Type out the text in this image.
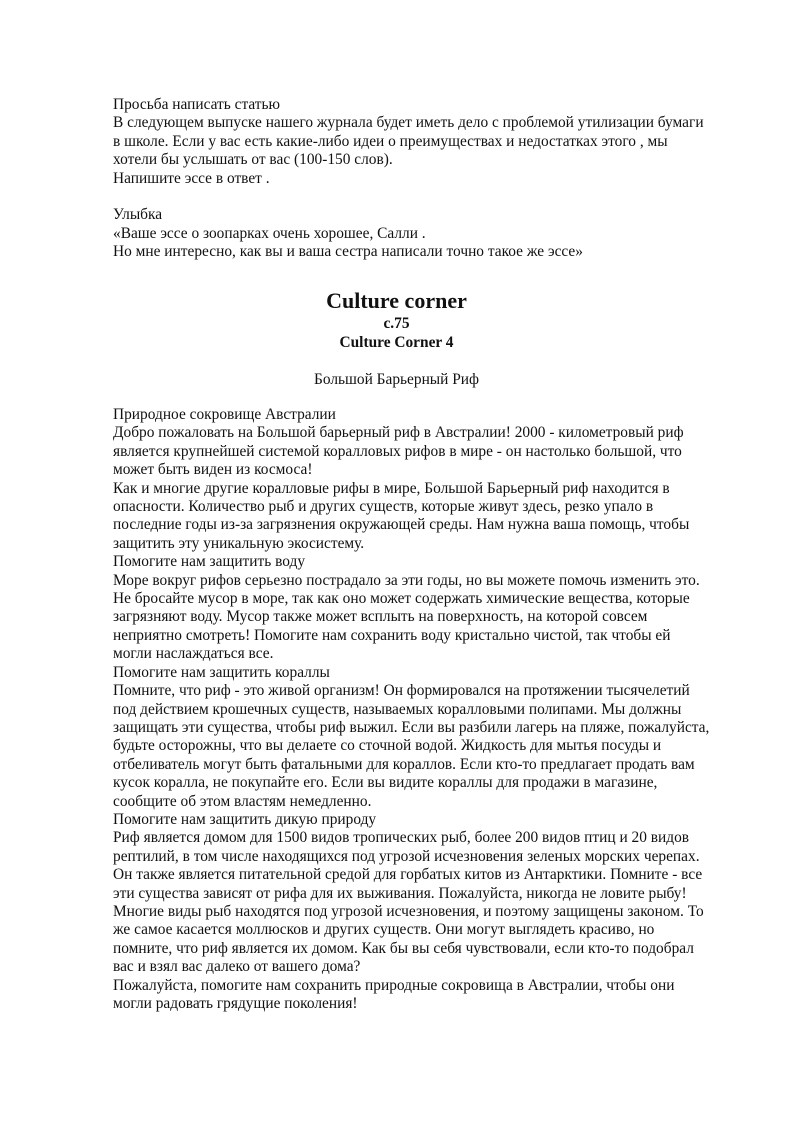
Просьба написать статью

В следующем выпуске нашего журнала будет иметь дело с проблемой утилизации бумаги

в школе. Если у вас есть какие-либо идеи о преимуществах и недостатках этого , мы

хотели бы услышать от вас (100-150 слов).

Напишите эссе в ответ .

Улыбка

«Ваше эссе о зоопарках очень хорошее, Салли .

Но мне интересно, как вы и ваша сестра написали точно такое же эссе»

Culture corner

c.75

Culture Corner 4

Большой Барьерный Риф

Природное сокровище Австралии

Добро пожаловать на Большой барьерный риф в Австралии! 2000 - километровый риф

является крупнейшей системой коралловых рифов в мире - он настолько большой, что

может быть виден из космоса!

Как и многие другие коралловые рифы в мире, Большой Барьерный риф находится в

опасности. Количество рыб и других существ, которые живут здесь, резко упало в

последние годы из-за загрязнения окружающей среды. Нам нужна ваша помощь, чтобы

защитить эту уникальную экосистему.

Помогите нам защитить воду

Море вокруг рифов серьезно пострадало за эти годы, но вы можете помочь изменить это.

Не бросайте мусор в море, так как оно может содержать химические вещества, которые

загрязняют воду. Мусор также может всплыть на поверхность, на которой совсем

неприятно смотреть! Помогите нам сохранить воду кристально чистой, так чтобы ей

могли наслаждаться все.

Помогите нам защитить кораллы

Помните, что риф - это живой организм! Он формировался на протяжении тысячелетий

под действием крошечных существ, называемых коралловыми полипами. Мы должны

защищать эти существа, чтобы риф выжил. Если вы разбили лагерь на пляже, пожалуйста,

будьте осторожны, что вы делаете со сточной водой. Жидкость для мытья посуды и

отбеливатель могут быть фатальными для кораллов. Если кто-то предлагает продать вам

кусок коралла, не покупайте его. Если вы видите кораллы для продажи в магазине,

сообщите об этом властям немедленно.

Помогите нам защитить дикую природу

Риф является домом для 1500 видов тропических рыб, более 200 видов птиц и 20 видов

рептилий, в том числе находящихся под угрозой исчезновения зеленых морских черепах.

Он также является питательной средой для горбатых китов из Антарктики. Помните - все

эти существа зависят от рифа для их выживания. Пожалуйста, никогда не ловите рыбу!

Многие виды рыб находятся под угрозой исчезновения, и поэтому защищены законом. То

же самое касается моллюсков и других существ. Они могут выглядеть красиво, но

помните, что риф является их домом. Как бы вы себя чувствовали, если кто-то подобрал

вас и взял вас далеко от вашего дома?

Пожалуйста, помогите нам сохранить природные сокровища в Австралии, чтобы они

могли радовать грядущие поколения!
